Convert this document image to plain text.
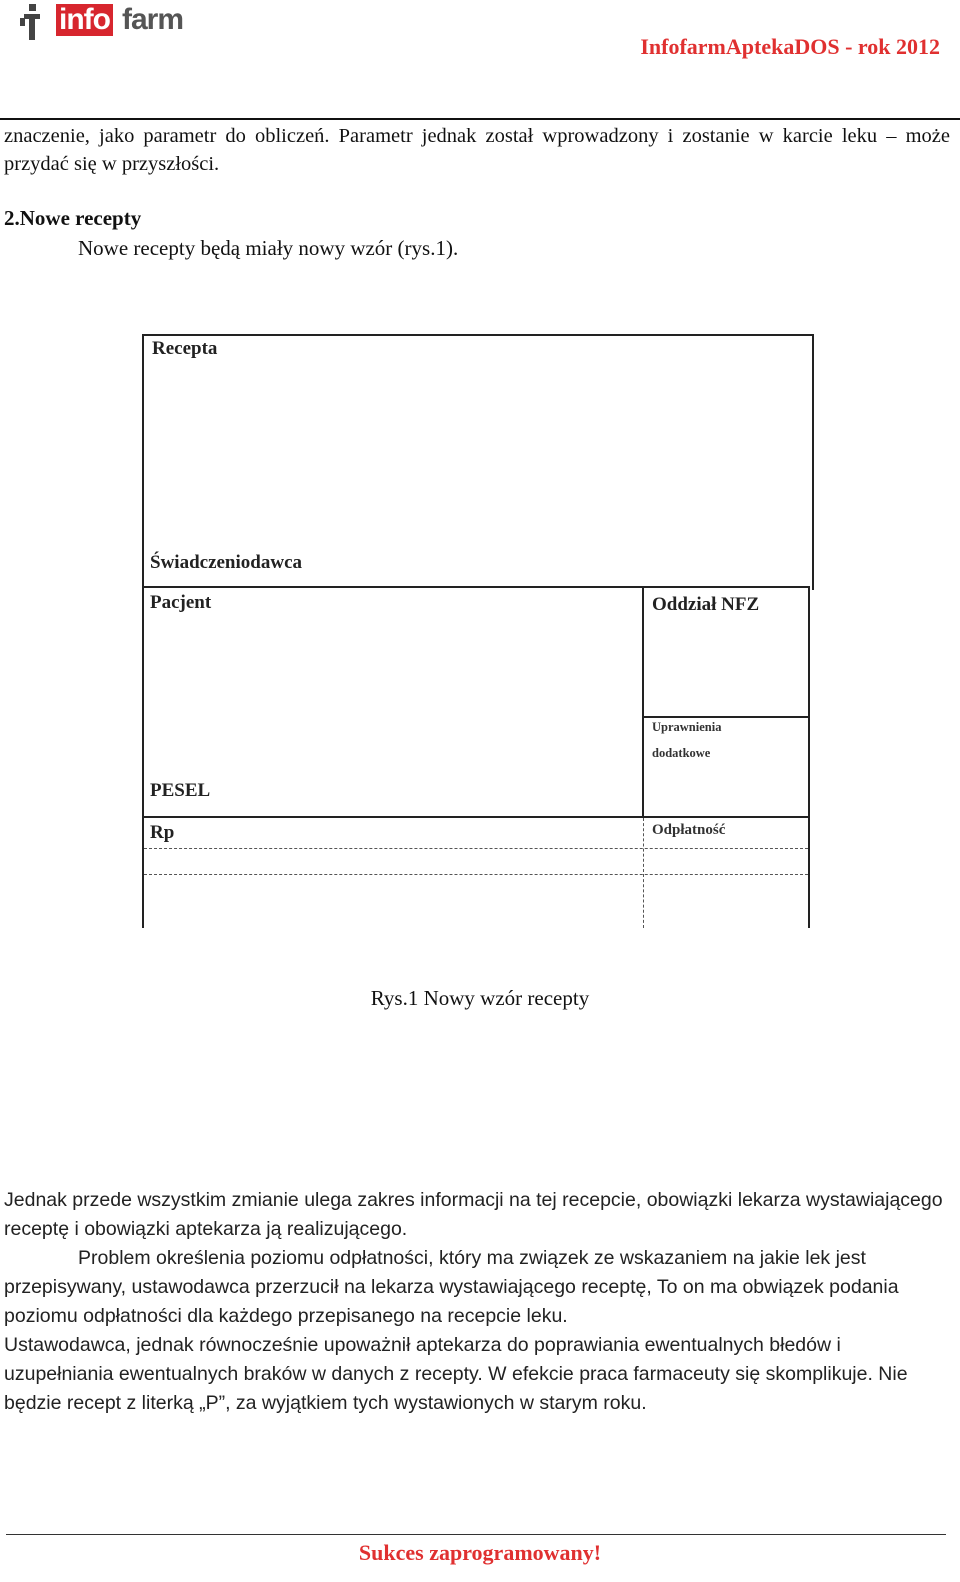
info farm
InfofarmAptekaDOS - rok 2012
znaczenie, jako parametr do obliczeń. Parametr jednak został wprowadzony i zostanie w karcie leku – może przydać się w przyszłości.
2.Nowe recepty
Nowe recepty będą miały nowy wzór (rys.1).
Recepta
Świadczeniodawca
Pacjent	Oddział NFZ
Uprawnienia
dodatkowe
PESEL
Rp	Odpłatność
Rys.1 Nowy wzór recepty

Jednak przede wszystkim zmianie ulega zakres informacji na tej recepcie, obowiązki lekarza wystawiającego receptę i obowiązki aptekarza ją realizującego.

Problem określenia poziomu odpłatności, który ma związek ze wskazaniem na jakie lek jest przepisywany, ustawodawca przerzucił na lekarza wystawiającego receptę, To on ma obwiązek podania poziomu odpłatności dla każdego przepisanego na recepcie leku.

Ustawodawca, jednak równocześnie upoważnił aptekarza do poprawiania ewentualnych błedów i uzupełniania ewentualnych braków w danych z recepty. W efekcie praca farmaceuty się skomplikuje. Nie będzie recept z literką „P”, za wyjątkiem tych wystawionych w starym roku.

Sukces zaprogramowany!
